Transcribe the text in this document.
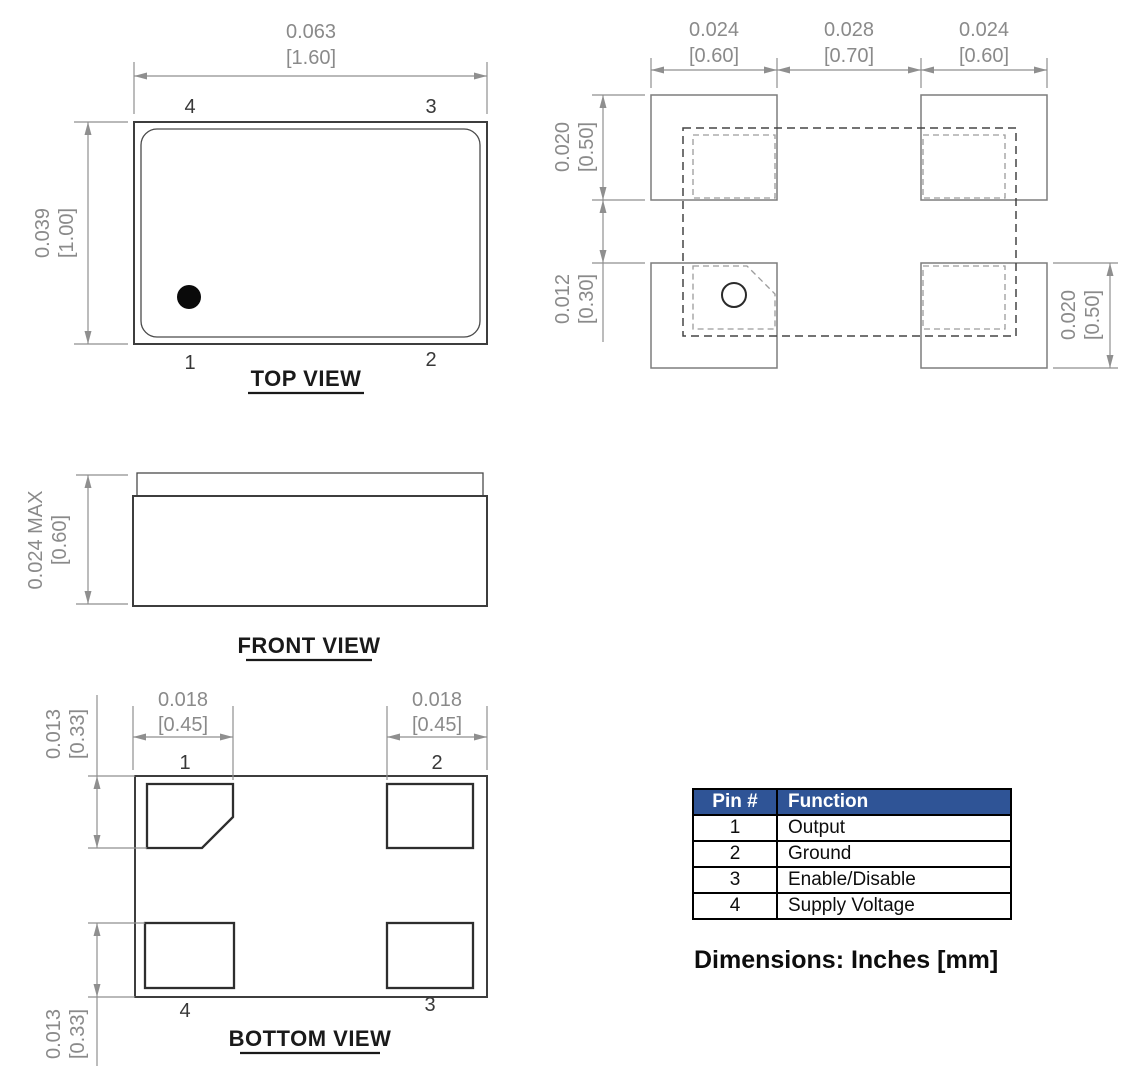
0.063
[1.60]
0.039 [1.00]
4	3
1	2
TOP VIEW
0.024
[0.60]
0.028
[0.70]
0.024
[0.60]
0.020 [0.50]
0.012 [0.30]	0.020 [0.50]
0.024 MAX [0.60]
FRONT VIEW
0.018
[0.45]
0.018
[0.45]
0.013 [0.33]
0.013 [0.33]
1	2
4	3
BOTTOM VIEW
Pin #	Function
1	Output
2	Ground
3	Enable/Disable
4	Supply Voltage
Dimensions: Inches [mm]
